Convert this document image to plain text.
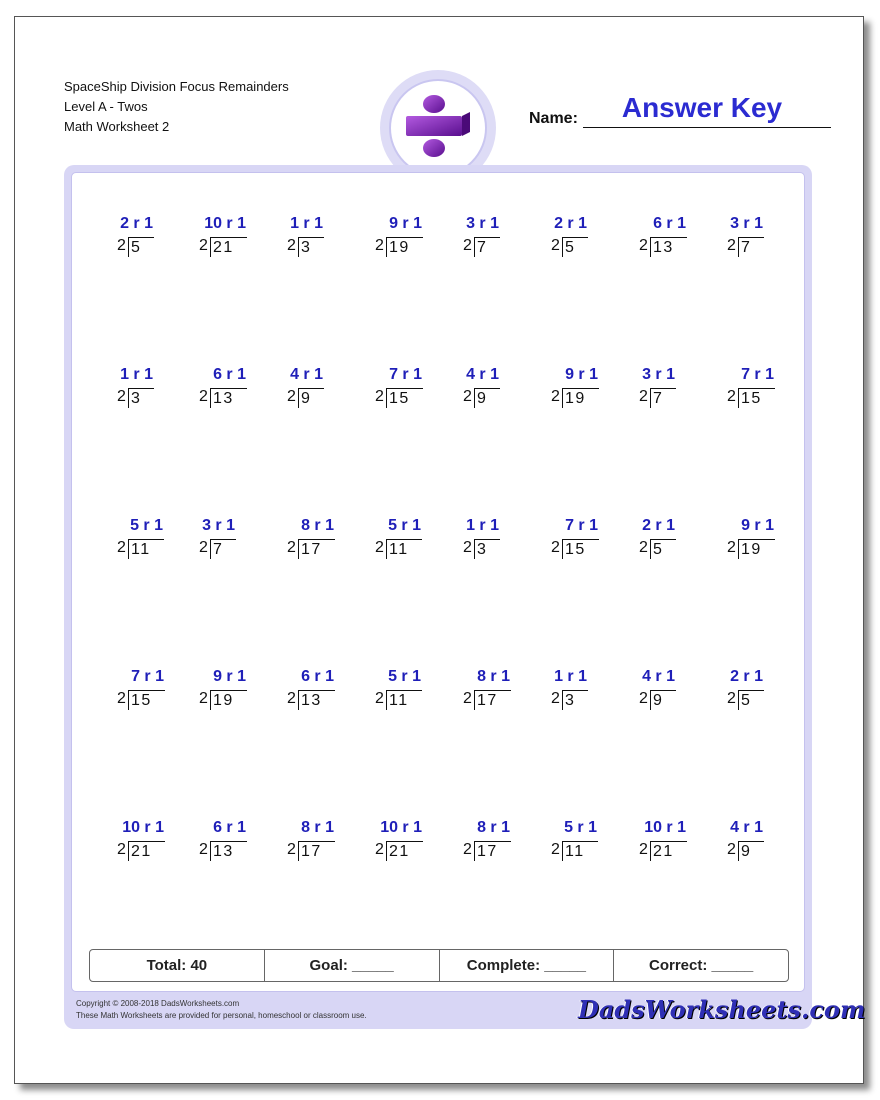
SpaceShip Division Focus Remainders
Level A - Twos
Math Worksheet 2	Name:	Answer Key
2 r 1
2 5
10 r 1
2 21
1 r 1
2 3
9 r 1
2 19
3 r 1
2 7
2 r 1
2 5
6 r 1
2 13
3 r 1
2 7
1 r 1
2 3
6 r 1
2 13
4 r 1
2 9
7 r 1
2 15
4 r 1
2 9
9 r 1
2 19
3 r 1
2 7
7 r 1
2 15
5 r 1
2 11
3 r 1
2 7
8 r 1
2 17
5 r 1
2 11
1 r 1
2 3
7 r 1
2 15
2 r 1
2 5
9 r 1
2 19
7 r 1
2 15
9 r 1
2 19
6 r 1
2 13
5 r 1
2 11
8 r 1
2 17
1 r 1
2 3
4 r 1
2 9
2 r 1
2 5
10 r 1
2 21
6 r 1
2 13
8 r 1
2 17
10 r 1
2 21
8 r 1
2 17
5 r 1
2 11
10 r 1
2 21
4 r 1
2 9
Total: 40	Goal: _____	Complete: _____	Correct: _____
Copyright © 2008-2018 DadsWorksheets.com
These Math Worksheets are provided for personal, homeschool or classroom use.	DadsWorksheets.com
